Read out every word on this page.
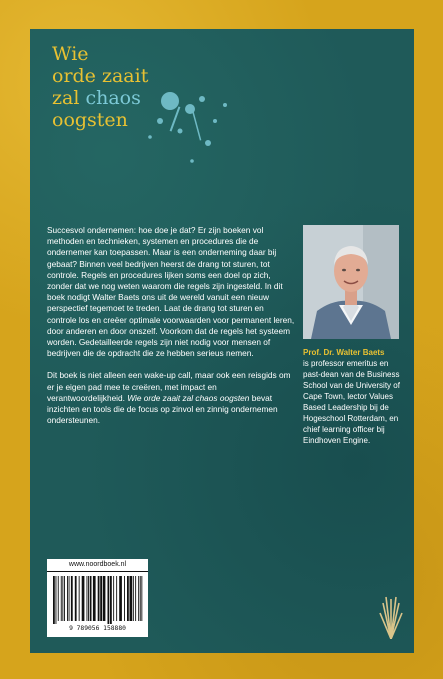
Wie
orde zaait
zal chaos
oogsten

Succesvol ondernemen: hoe doe je dat? Er zijn boeken vol methoden en technieken, systemen en procedures die de ondernemer kan toepassen. Maar is een onderneming daar bij gebaat? Binnen veel bedrijven heerst de drang tot sturen, tot controle. Regels en procedures lijken soms een doel op zich, zonder dat we nog weten waarom die regels zijn ingesteld. In dit boek nodigt Walter Baets ons uit de wereld vanuit een nieuw perspectief tegemoet te treden. Laat de drang tot sturen en controle los en creëer optimale voorwaarden voor permanent leren, door anderen en door onszelf. Voorkom dat de regels het systeem worden. Gedetailleerde regels zijn niet nodig voor mensen of bedrijven die de opdracht die ze hebben serieus nemen.

Dit boek is niet alleen een wake-up call, maar ook een reisgids om er je eigen pad mee te creëren, met impact en verantwoordelijkheid. Wie orde zaait zal chaos oogsten bevat inzichten en tools die de focus op zinvol en zinnig ondernemen ondersteunen.

Prof. Dr. Walter Baets
is professor emeritus en past-dean van de Business School van de University of Cape Town, lector Values Based Leadership bij de Hogeschool Rotterdam, en chief learning officer bij Eindhoven Engine.
www.noordboek.nl
9 789056 158880
